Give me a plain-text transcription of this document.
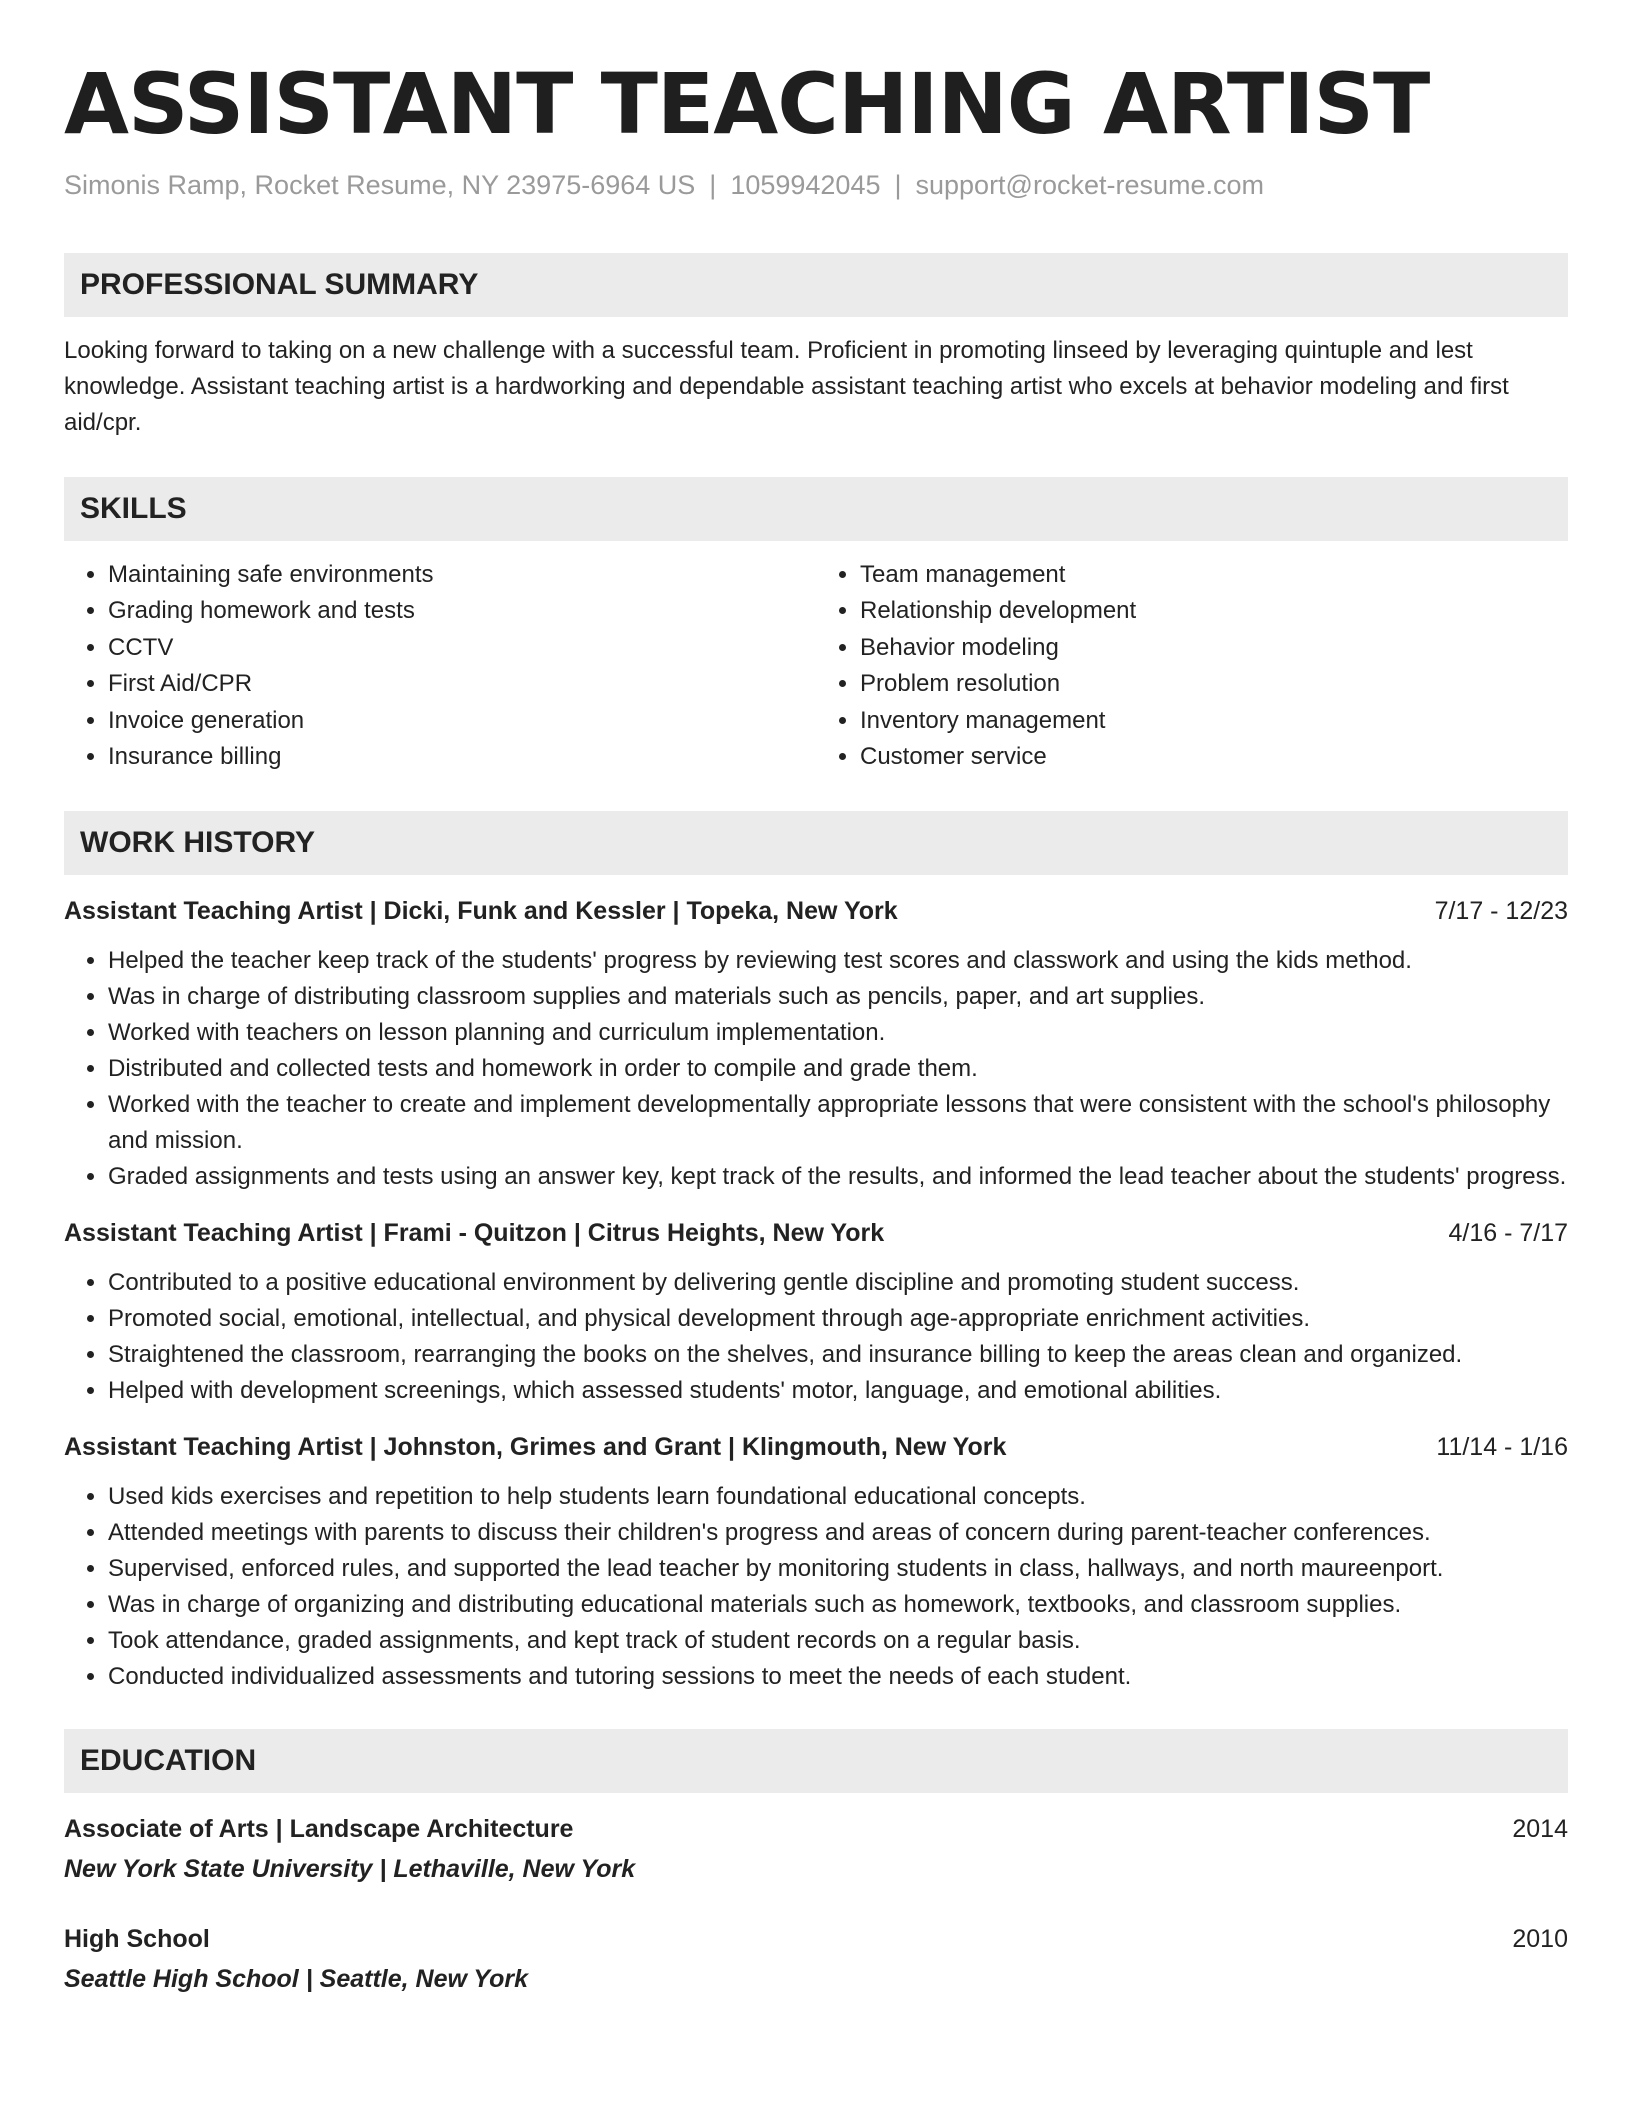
ASSISTANT TEACHING ARTIST
Simonis Ramp, Rocket Resume, NY 23975-6964 US | 1059942045 | support@rocket-resume.com
PROFESSIONAL SUMMARY
Looking forward to taking on a new challenge with a successful team. Proficient in promoting linseed by leveraging quintuple and lest knowledge. Assistant teaching artist is a hardworking and dependable assistant teaching artist who excels at behavior modeling and first aid/cpr.
SKILLS
• Maintaining safe environments
• Grading homework and tests
• CCTV
• First Aid/CPR
• Invoice generation
• Insurance billing
• Team management
• Relationship development
• Behavior modeling
• Problem resolution
• Inventory management
• Customer service
WORK HISTORY
Assistant Teaching Artist | Dicki, Funk and Kessler | Topeka, New York	7/17 - 12/23
• Helped the teacher keep track of the students' progress by reviewing test scores and classwork and using the kids method.
• Was in charge of distributing classroom supplies and materials such as pencils, paper, and art supplies.
• Worked with teachers on lesson planning and curriculum implementation.
• Distributed and collected tests and homework in order to compile and grade them.
• Worked with the teacher to create and implement developmentally appropriate lessons that were consistent with the school's philosophy and mission.
• Graded assignments and tests using an answer key, kept track of the results, and informed the lead teacher about the students' progress.
Assistant Teaching Artist | Frami - Quitzon | Citrus Heights, New York	4/16 - 7/17
• Contributed to a positive educational environment by delivering gentle discipline and promoting student success.
• Promoted social, emotional, intellectual, and physical development through age-appropriate enrichment activities.
• Straightened the classroom, rearranging the books on the shelves, and insurance billing to keep the areas clean and organized.
• Helped with development screenings, which assessed students' motor, language, and emotional abilities.
Assistant Teaching Artist | Johnston, Grimes and Grant | Klingmouth, New York	11/14 - 1/16
• Used kids exercises and repetition to help students learn foundational educational concepts.
• Attended meetings with parents to discuss their children's progress and areas of concern during parent-teacher conferences.
• Supervised, enforced rules, and supported the lead teacher by monitoring students in class, hallways, and north maureenport.
• Was in charge of organizing and distributing educational materials such as homework, textbooks, and classroom supplies.
• Took attendance, graded assignments, and kept track of student records on a regular basis.
• Conducted individualized assessments and tutoring sessions to meet the needs of each student.
EDUCATION
Associate of Arts | Landscape Architecture	2014
New York State University | Lethaville, New York
High School	2010
Seattle High School | Seattle, New York
